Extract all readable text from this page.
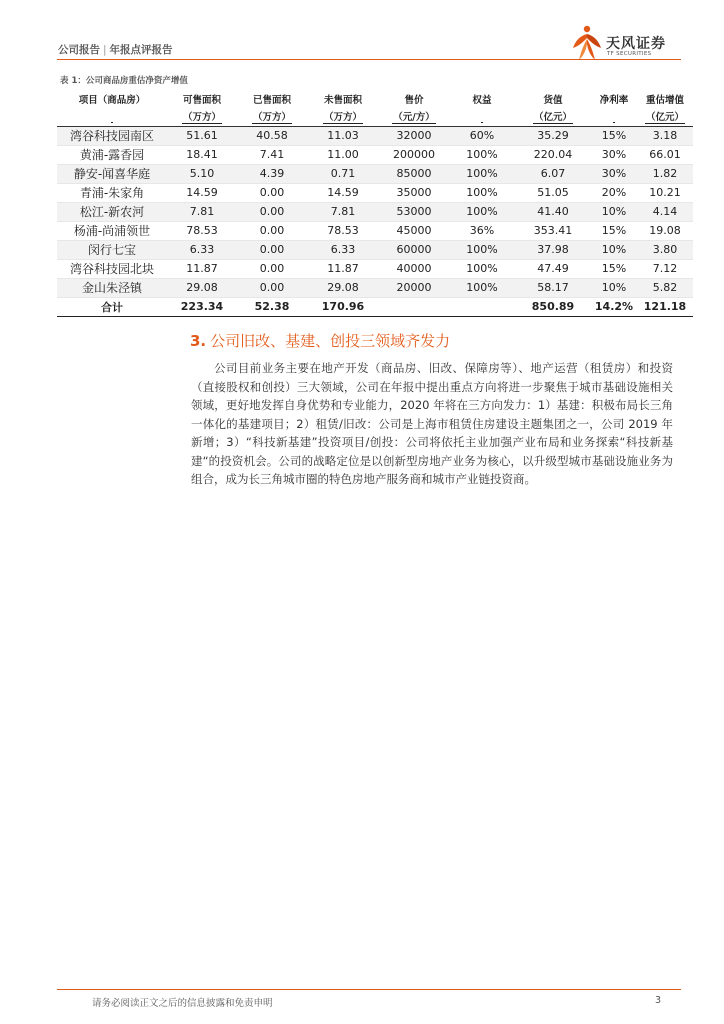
公司报告 | 年报点评报告	天风证券
TF SECURITIES
表 1：公司商品房重估净资产增值
项目（商品房）	可售面积	已售面积	未售面积	售价	权益	货值	净利率	重估增值
	（万方）	（万方）	（万方）	（元/方）		（亿元）		（亿元）
湾谷科技园南区	51.61	40.58	11.03	32000	60%	35.29	15%	3.18
黄浦-露香园	18.41	7.41	11.00	200000	100%	220.04	30%	66.01
静安-闻喜华庭	5.10	4.39	0.71	85000	100%	6.07	30%	1.82
青浦-朱家角	14.59	0.00	14.59	35000	100%	51.05	20%	10.21
松江-新农河	7.81	0.00	7.81	53000	100%	41.40	10%	4.14
杨浦-尚浦领世	78.53	0.00	78.53	45000	36%	353.41	15%	19.08
闵行七宝	6.33	0.00	6.33	60000	100%	37.98	10%	3.80
湾谷科技园北块	11.87	0.00	11.87	40000	100%	47.49	15%	7.12
金山朱泾镇	29.08	0.00	29.08	20000	100%	58.17	10%	5.82
合计	223.34	52.38	170.96			850.89	14.2%	121.18
3. 公司旧改、基建、创投三领域齐发力

公司目前业务主要在地产开发（商品房、旧改、保障房等）、地产运营（租赁房）和投资（直接股权和创投）三大领域，公司在年报中提出重点方向将进一步聚焦于城市基础设施相关领域，更好地发挥自身优势和专业能力，2020 年将在三方向发力：1）基建：积极布局长三角一体化的基建项目；2）租赁/旧改：公司是上海市租赁住房建设主题集团之一，公司 2019 年新增；3）“科技新基建”投资项目/创投：公司将依托主业加强产业布局和业务探索“科技新基建“的投资机会。公司的战略定位是以创新型房地产业务为核心，以升级型城市基础设施业务为组合，成为长三角城市圈的特色房地产服务商和城市产业链投资商。

请务必阅读正文之后的信息披露和免责申明	3
